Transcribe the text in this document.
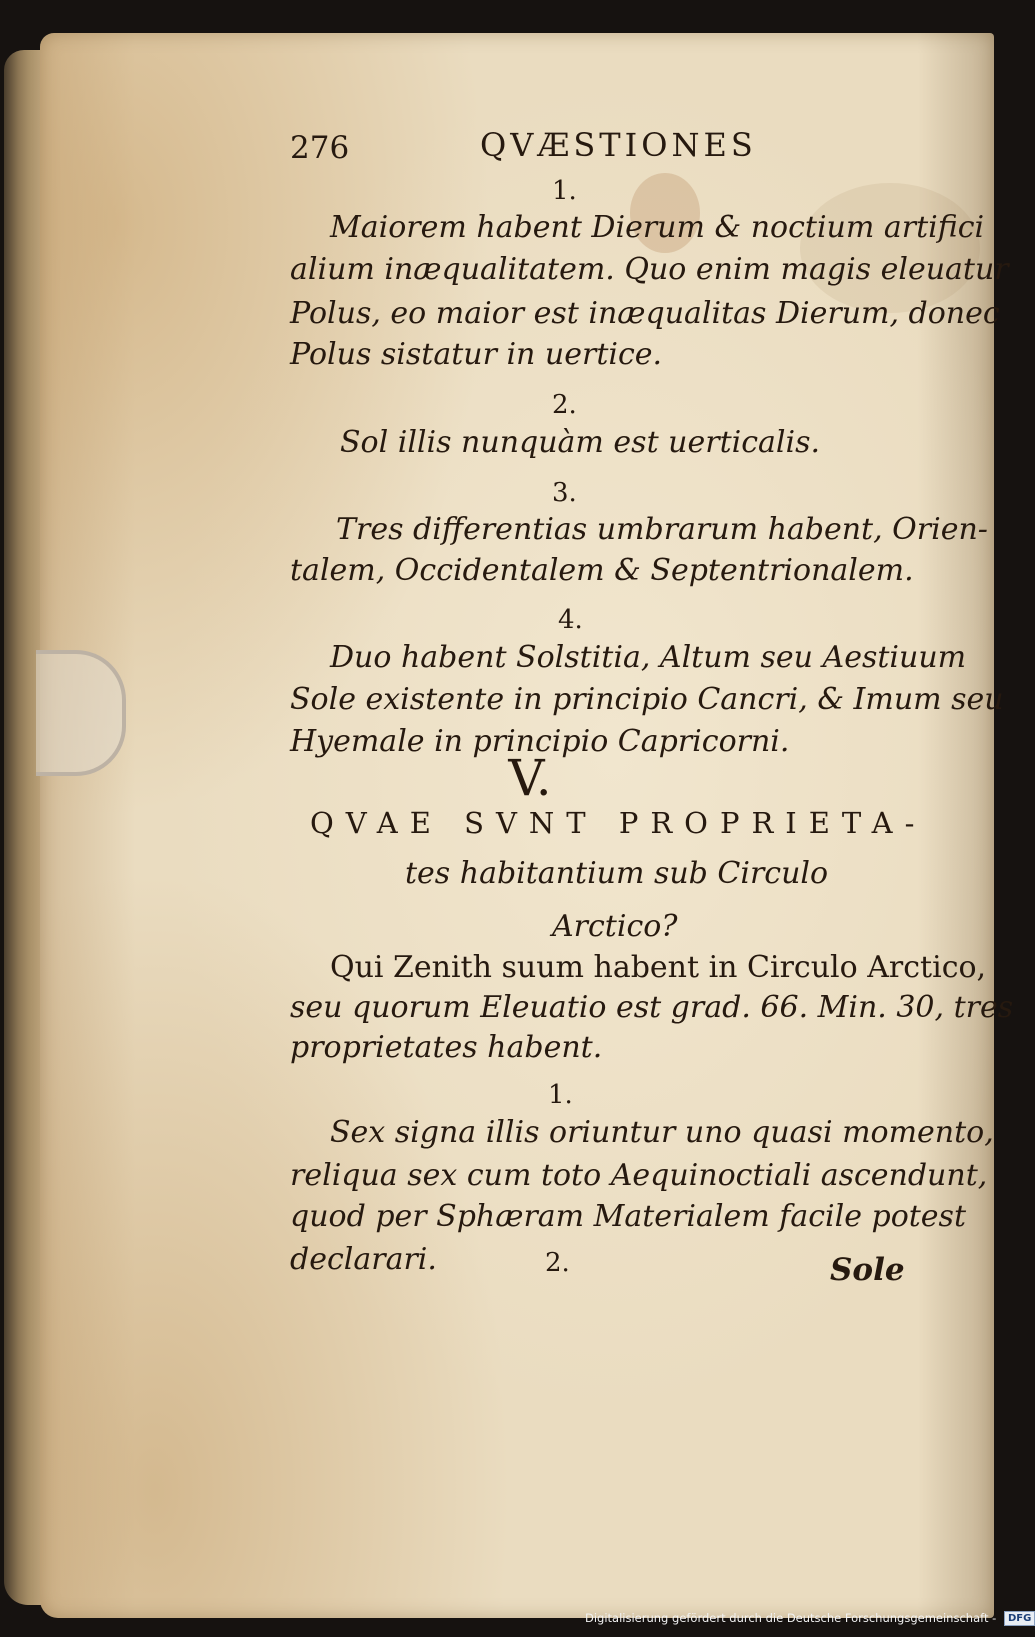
276	QVÆSTIONES
1.
Maiorem habent Dierum & noctium artifici
alium inæqualitatem. Quo enim magis eleuatur
Polus, eo maior est inæqualitas Dierum, donec
Polus sistatur in uertice.
2.
Sol illis nunquàm est uerticalis.
3.
Tres differentias umbrarum habent, Orien-
talem, Occidentalem & Septentrionalem.
4.
Duo habent Solstitia, Altum seu Aestiuum
Sole existente in principio Cancri, & Imum seu
Hyemale in principio Capricorni.
V.
QVAE SVNT PROPRIETA-
tes habitantium sub Circulo
Arctico?
Qui Zenith suum habent in Circulo Arctico,
seu quorum Eleuatio est grad. 66. Min. 30, tres
proprietates habent.
1.
Sex signa illis oriuntur uno quasi momento,
reliqua sex cum toto Aequinoctiali ascendunt,
quod per Sphæram Materialem facile potest
declarari.	2.	Sole
Digitalisierung gefördert durch die Deutsche Forschungsgemeinschaft - DFG
